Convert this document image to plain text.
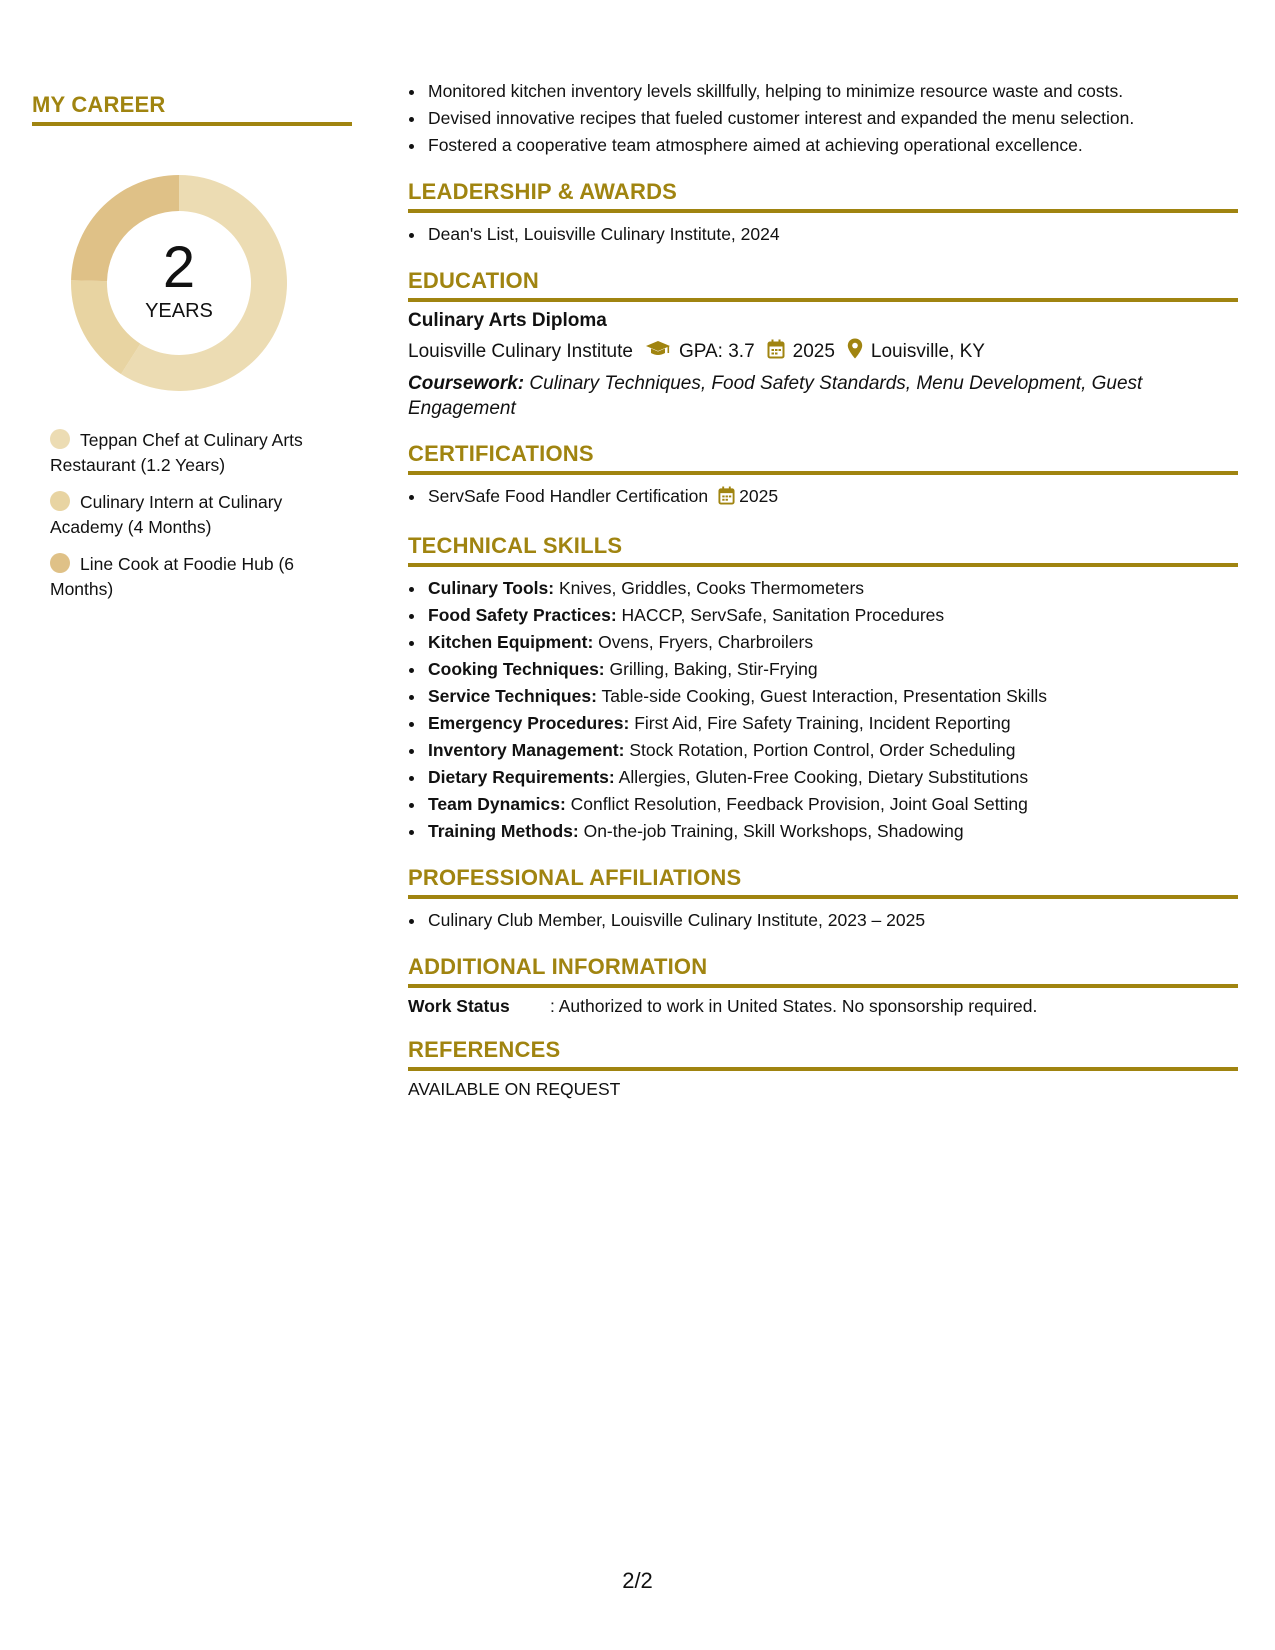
MY CAREER
2
YEARS
Teppan Chef at Culinary Arts Restaurant (1.2 Years)
Culinary Intern at Culinary Academy (4 Months)
Line Cook at Foodie Hub (6 Months)
• Monitored kitchen inventory levels skillfully, helping to minimize resource waste and costs.
• Devised innovative recipes that fueled customer interest and expanded the menu selection.
• Fostered a cooperative team atmosphere aimed at achieving operational excellence.
LEADERSHIP & AWARDS
• Dean's List, Louisville Culinary Institute, 2024
EDUCATION
Culinary Arts Diploma
Louisville Culinary Institute GPA: 3.7 2025 Louisville, KY
Coursework: Culinary Techniques, Food Safety Standards, Menu Development, Guest Engagement
CERTIFICATIONS
• ServSafe Food Handler Certification 2025
TECHNICAL SKILLS
• Culinary Tools: Knives, Griddles, Cooks Thermometers
• Food Safety Practices: HACCP, ServSafe, Sanitation Procedures
• Kitchen Equipment: Ovens, Fryers, Charbroilers
• Cooking Techniques: Grilling, Baking, Stir-Frying
• Service Techniques: Table-side Cooking, Guest Interaction, Presentation Skills
• Emergency Procedures: First Aid, Fire Safety Training, Incident Reporting
• Inventory Management: Stock Rotation, Portion Control, Order Scheduling
• Dietary Requirements: Allergies, Gluten-Free Cooking, Dietary Substitutions
• Team Dynamics: Conflict Resolution, Feedback Provision, Joint Goal Setting
• Training Methods: On-the-job Training, Skill Workshops, Shadowing
PROFESSIONAL AFFILIATIONS
• Culinary Club Member, Louisville Culinary Institute, 2023 – 2025
ADDITIONAL INFORMATION
Work Status	: Authorized to work in United States. No sponsorship required.
REFERENCES
AVAILABLE ON REQUEST
2/2
